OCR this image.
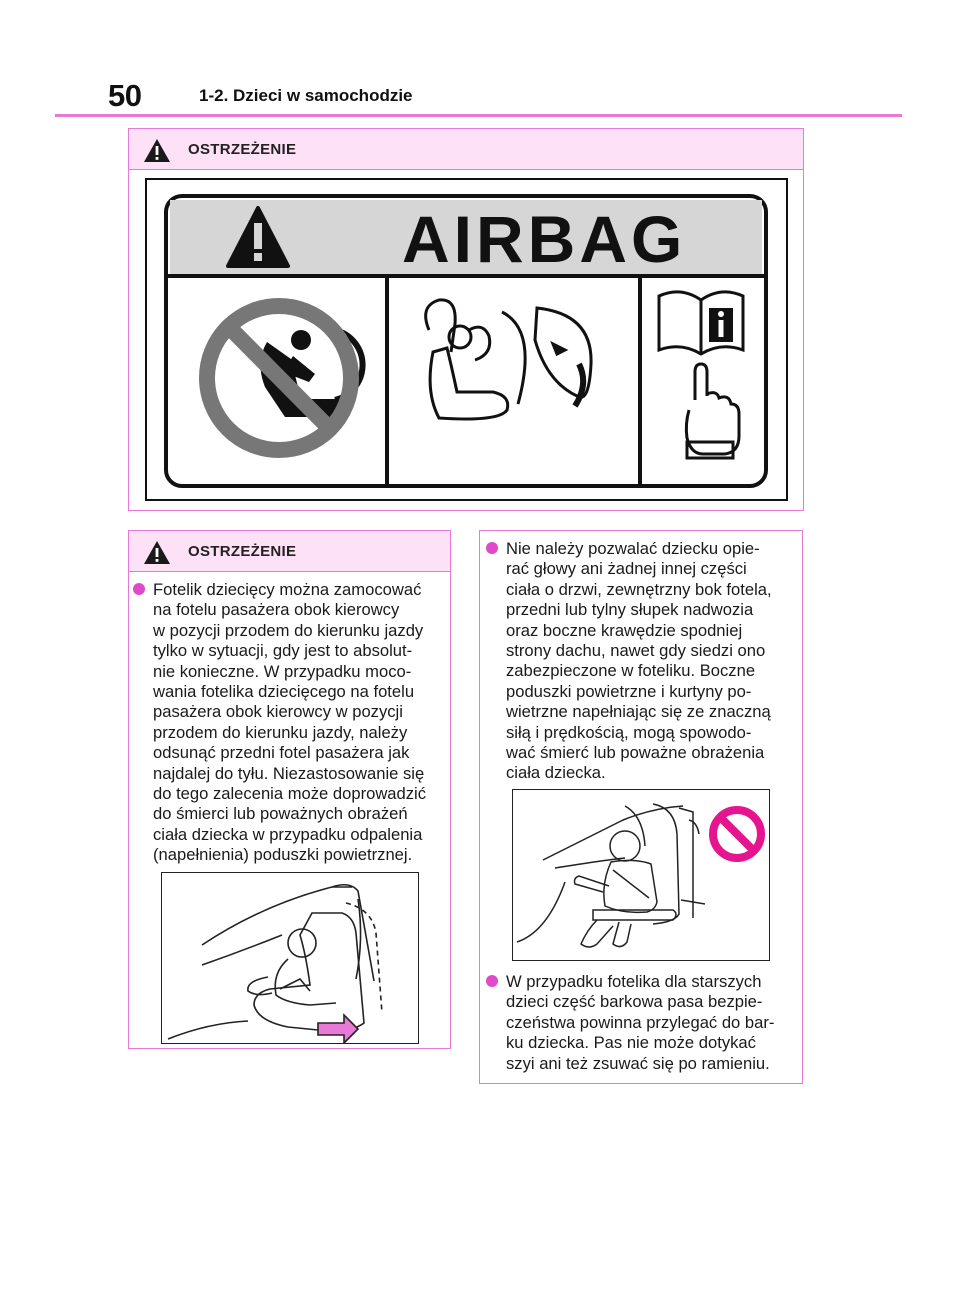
50	1-2. Dzieci w samochodzie
OSTRZEŻENIE
AIRBAG
OSTRZEŻENIE
Fotelik dziecięcy można zamocować
na fotelu pasażera obok kierowcy
w pozycji przodem do kierunku jazdy
tylko w sytuacji, gdy jest to absolut-
nie konieczne. W przypadku moco-
wania fotelika dziecięcego na fotelu
pasażera obok kierowcy w pozycji
przodem do kierunku jazdy, należy
odsunąć przedni fotel pasażera jak
najdalej do tyłu. Niezastosowanie się
do tego zalecenia może doprowadzić
do śmierci lub poważnych obrażeń
ciała dziecka w przypadku odpalenia
(napełnienia) poduszki powietrznej.
Nie należy pozwalać dziecku opie-
rać głowy ani żadnej innej części
ciała o drzwi, zewnętrzny bok fotela,
przedni lub tylny słupek nadwozia
oraz boczne krawędzie spodniej
strony dachu, nawet gdy siedzi ono
zabezpieczone w foteliku. Boczne
poduszki powietrzne i kurtyny po-
wietrzne napełniając się ze znaczną
siłą i prędkością, mogą spowodo-
wać śmierć lub poważne obrażenia
ciała dziecka.
W przypadku fotelika dla starszych
dzieci część barkowa pasa bezpie-
czeństwa powinna przylegać do bar-
ku dziecka. Pas nie może dotykać
szyi ani też zsuwać się po ramieniu.
